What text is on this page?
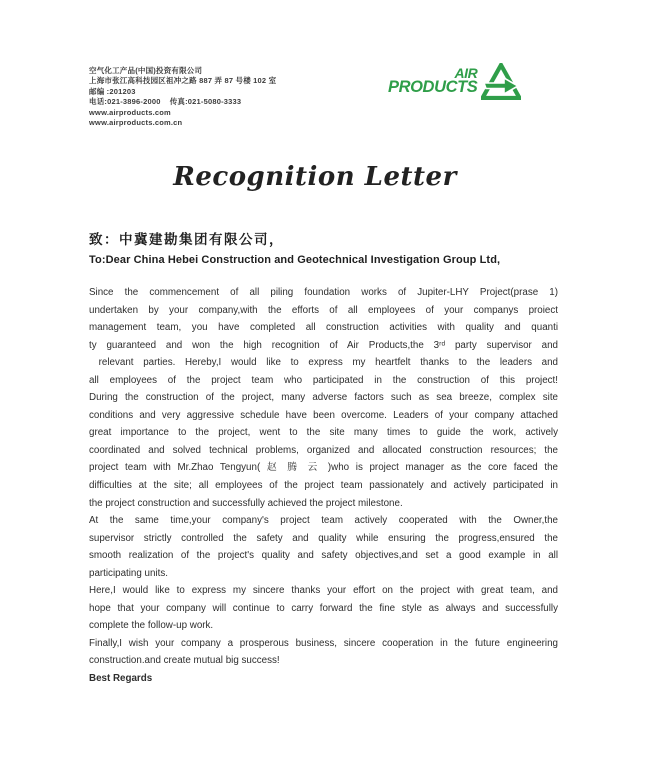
空气化工产品(中国)投资有限公司
上海市张江高科技园区祖冲之路 887 弄 87 号楼 102 室
邮编 :201203
电话:021-3896-2000    传真:021-5080-3333
www.airproducts.com
www.airproducts.com.cn
AIR
PRODUCTS
Recognition Letter
致：中冀建勘集团有限公司，
To:Dear China Hebei Construction and Geotechnical Investigation Group Ltd,
Since the commencement of all piling foundation works of Jupiter-LHY Project(prase 1)
undertaken by your company,with the efforts of all employees of your companys proiect
management team, you have completed all construction activities with quality and quanti
ty guaranteed and won the high recognition of Air Products,the 3ʳᵈ party supervisor and
relevant parties. Hereby,I would like to express my heartfelt thanks to the leaders and
all employees of the project team who participated in the construction of this project!
During the construction of the project, many adverse factors such as sea breeze, complex site
conditions and very aggressive schedule have been overcome. Leaders of your company attached
great importance to the project, went to the site many times to guide the work, actively
coordinated and solved technical problems, organized and allocated construction resources; the
project team with Mr.Zhao Tengyun( 赵 腾 云 )who is project manager as the core faced the
difficulties at the site; all employees of the project team passionately and actively participated in
the project construction and successfully achieved the project milestone.
At the same time,your company's project team actively cooperated with the Owner,the
supervisor strictly controlled the safety and quality while ensuring the progress,ensured the
smooth realization of the project's quality and safety objectives,and set a good example in all
participating units.
Here,I would like to express my sincere thanks your effort on the project with great team, and
hope that your company will continue to carry forward the fine style as always and successfully
complete the follow-up work.
Finally,I wish your company a prosperous business, sincere cooperation in the future engineering
construction.and create mutual big success!
Best Regards
